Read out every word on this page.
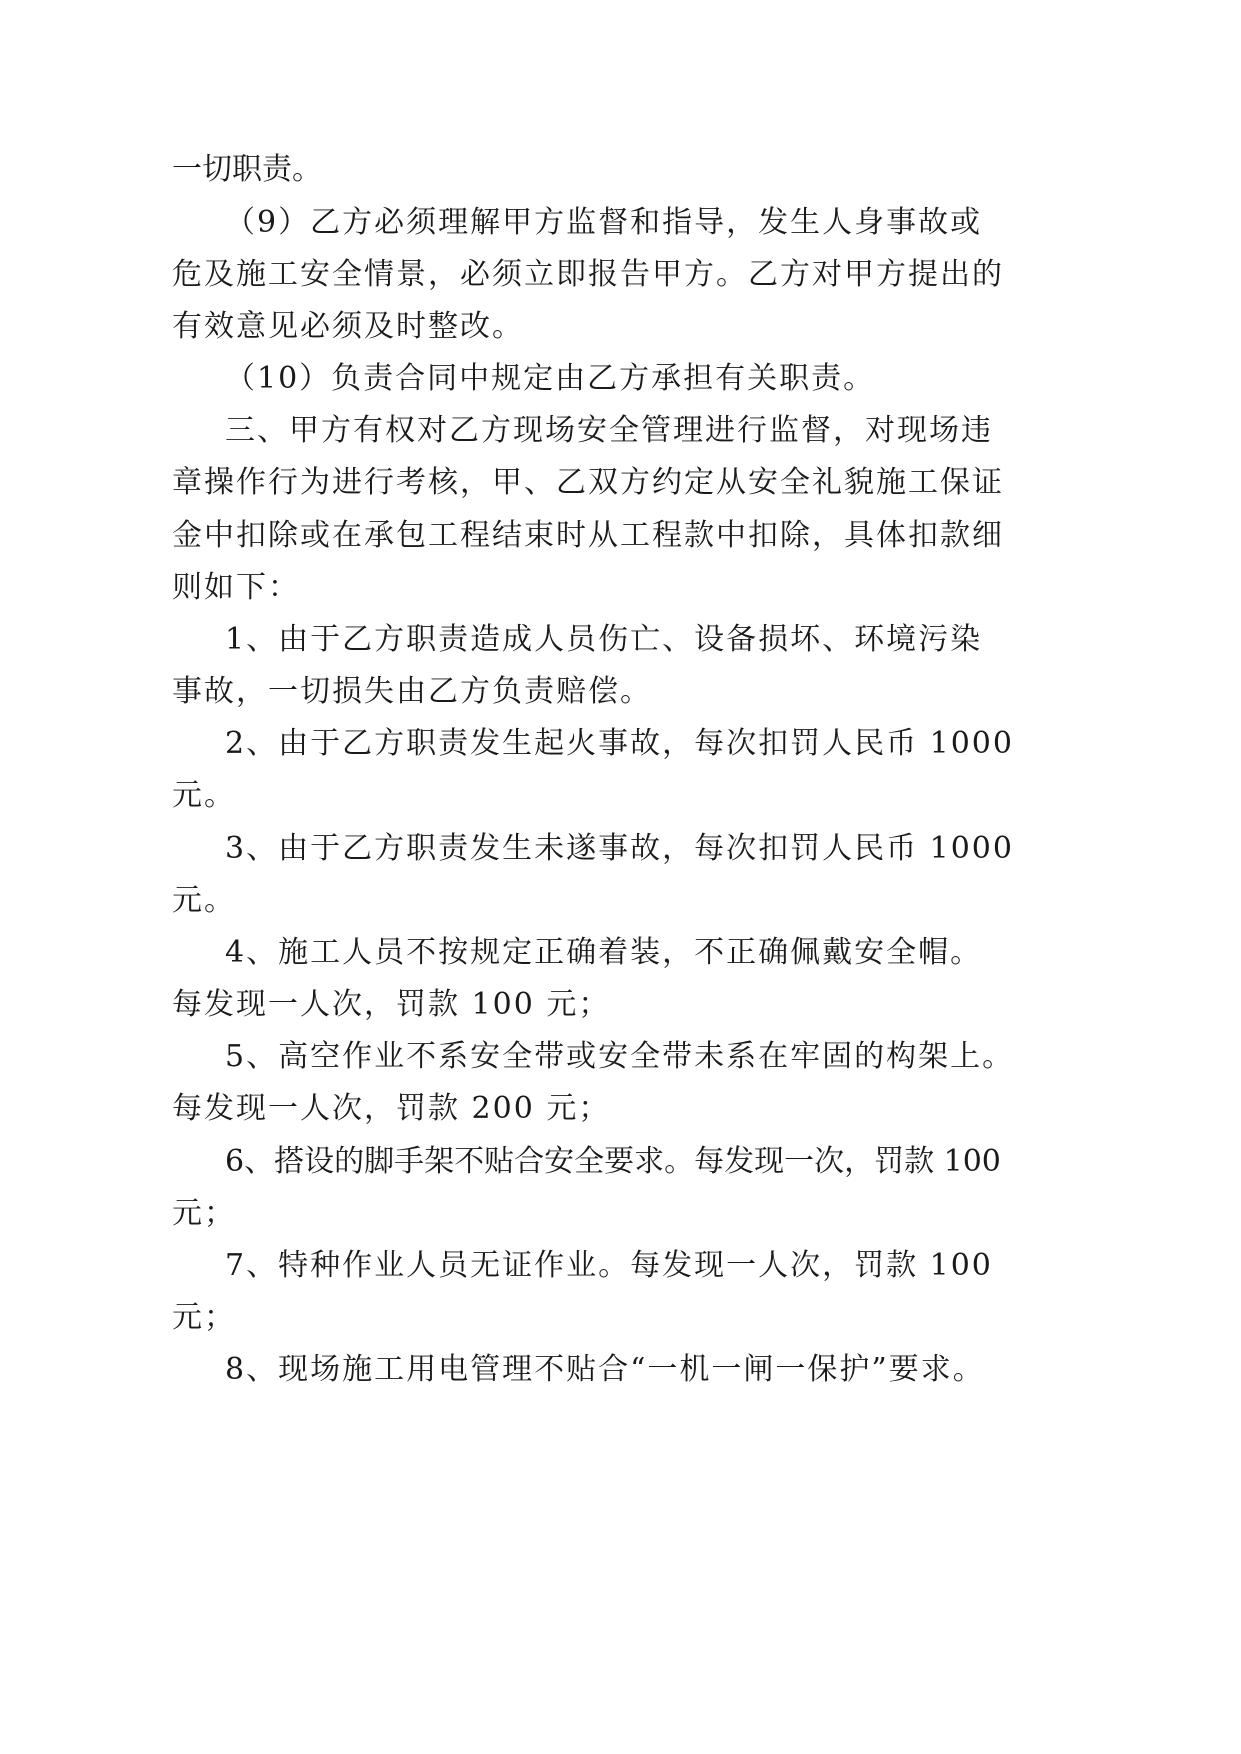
一切职责。
（9）乙方必须理解甲方监督和指导，发生人身事故或
危及施工安全情景，必须立即报告甲方。乙方对甲方提出的
有效意见必须及时整改。
（10）负责合同中规定由乙方承担有关职责。
三、甲方有权对乙方现场安全管理进行监督，对现场违
章操作行为进行考核，甲、乙双方约定从安全礼貌施工保证
金中扣除或在承包工程结束时从工程款中扣除，具体扣款细
则如下：
1、由于乙方职责造成人员伤亡、设备损坏、环境污染
事故，一切损失由乙方负责赔偿。
2、由于乙方职责发生起火事故，每次扣罚人民币 1000
元。
3、由于乙方职责发生未遂事故，每次扣罚人民币 1000
元。
4、施工人员不按规定正确着装，不正确佩戴安全帽。
每发现一人次，罚款 100 元；
5、高空作业不系安全带或安全带未系在牢固的构架上。
每发现一人次，罚款 200 元；
6、搭设的脚手架不贴合安全要求。每发现一次，罚款 100
元；
7、特种作业人员无证作业。每发现一人次，罚款 100
元；
8、现场施工用电管理不贴合“一机一闸一保护”要求。
